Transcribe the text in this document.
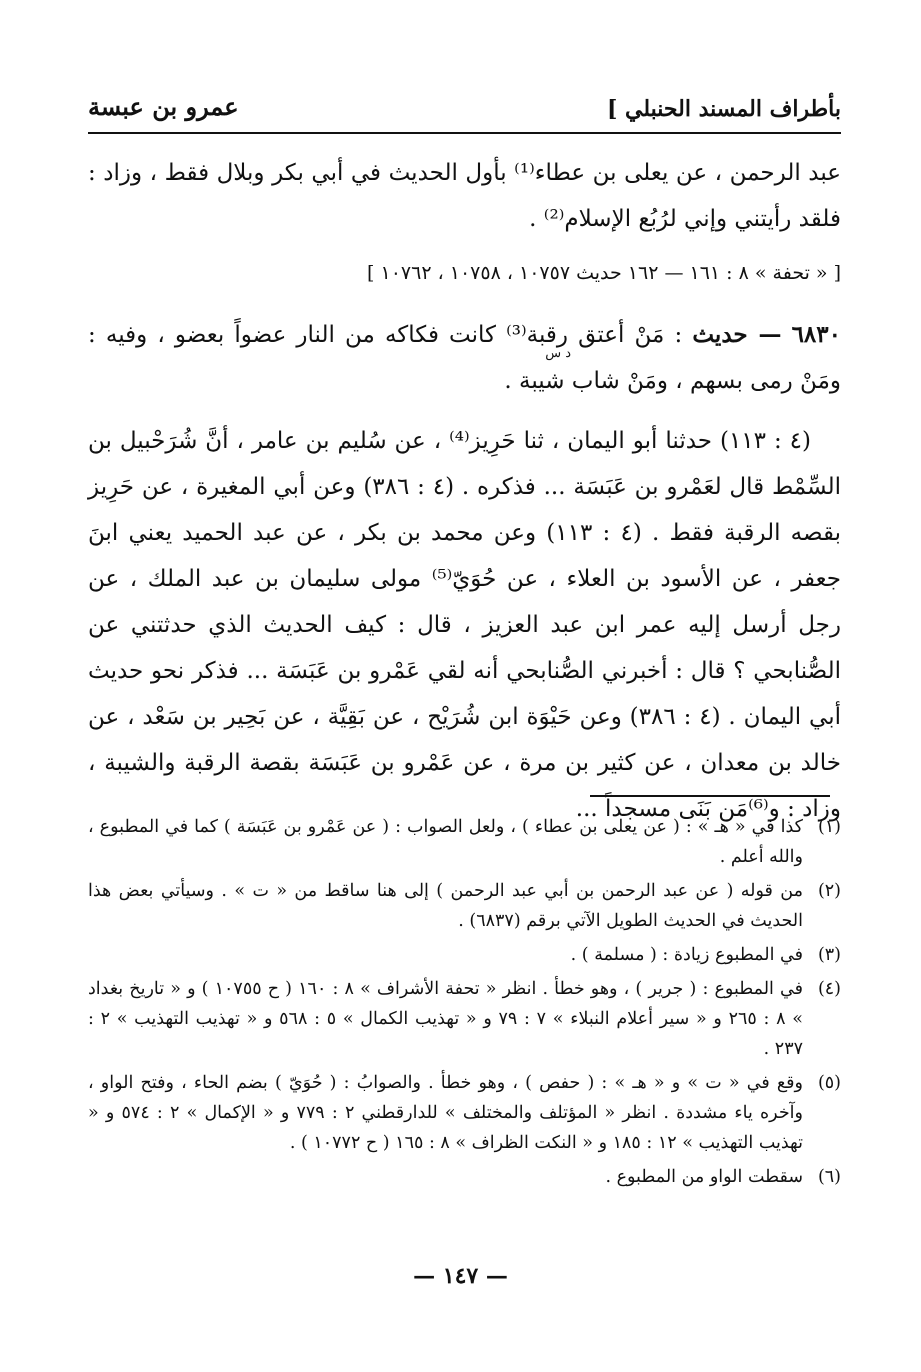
بأطراف المسند الحنبلي ]
عمرو بن عبسة
عبد الرحمن ، عن يعلى بن عطاء⁽¹⁾ بأول الحديث في أبي بكر وبلال فقط ، وزاد : فلقد رأيتني وإني لرُبُع الإسلام⁽²⁾ .
[ « تحفة » ٨ : ١٦١ — ١٦٢ حديث ١٠٧٥٧ ، ١٠٧٥٨ ، ١٠٧٦٢ ]
٦٨٣٠ — حديث : مَنْ أعتق رقبة⁽³⁾ كانت فكاكه من النار عضواً بعضو ، وفيه : ومَنْ رمى بسهم ، ومَنْ شاب شيبة .
د س
(٤ : ١١٣) حدثنا أبو اليمان ، ثنا حَرِيز⁽⁴⁾ ، عن سُليم بن عامر ، أنَّ شُرَحْبيل بن السِّمْط قال لعَمْرو بن عَبَسَة ... فذكره . (٤ : ٣٨٦) وعن أبي المغيرة ، عن حَرِيز بقصه الرقبة فقط . (٤ : ١١٣) وعن محمد بن بكر ، عن عبد الحميد يعني ابنَ جعفر ، عن الأسود بن العلاء ، عن حُوَيّ⁽⁵⁾ مولى سليمان بن عبد الملك ، عن رجل أرسل إليه عمر ابن عبد العزيز ، قال : كيف الحديث الذي حدثتني عن الصُّنابحي ؟ قال : أخبرني الصُّنابحي أنه لقي عَمْرو بن عَبَسَة ... فذكر نحو حديث أبي اليمان . (٤ : ٣٨٦) وعن حَيْوَة ابن شُرَيْح ، عن بَقِيَّة ، عن بَحِير بن سَعْد ، عن خالد بن معدان ، عن كثير بن مرة ، عن عَمْرو بن عَبَسَة بقصة الرقبة والشيبة ، وزاد : و⁽⁶⁾مَن بَنَى مسجداً ...
(١)
كذا في « هـ » : ( عن يعلى بن عطاء ) ، ولعل الصواب : ( عن عَمْرو بن عَبَسَة ) كما في المطبوع ، والله أعلم .
(٢)
من قوله ( عن عبد الرحمن بن أبي عبد الرحمن ) إلى هنا ساقط من « ت » . وسيأتي بعض هذا الحديث في الحديث الطويل الآتي برقم (٦٨٣٧) .
(٣)
في المطبوع زيادة : ( مسلمة ) .
(٤)
في المطبوع : ( جرير ) ، وهو خطأ . انظر « تحفة الأشراف » ٨ : ١٦٠ ( ح ١٠٧٥٥ ) و « تاريخ بغداد » ٨ : ٢٦٥ و « سير أعلام النبلاء » ٧ : ٧٩ و « تهذيب الكمال » ٥ : ٥٦٨ و « تهذيب التهذيب » ٢ : ٢٣٧ .
(٥)
وقع في « ت » و « هـ » : ( حفص ) ، وهو خطأ . والصوابُ : ( حُوَيّ ) بضم الحاء ، وفتح الواو ، وآخره ياء مشددة . انظر « المؤتلف والمختلف » للدارقطني ٢ : ٧٧٩ و « الإكمال » ٢ : ٥٧٤ و « تهذيب التهذيب » ١٢ : ١٨٥ و « النكت الظراف » ٨ : ١٦٥ ( ح ١٠٧٧٢ ) .
(٦)
سقطت الواو من المطبوع .
— ١٤٧ —
